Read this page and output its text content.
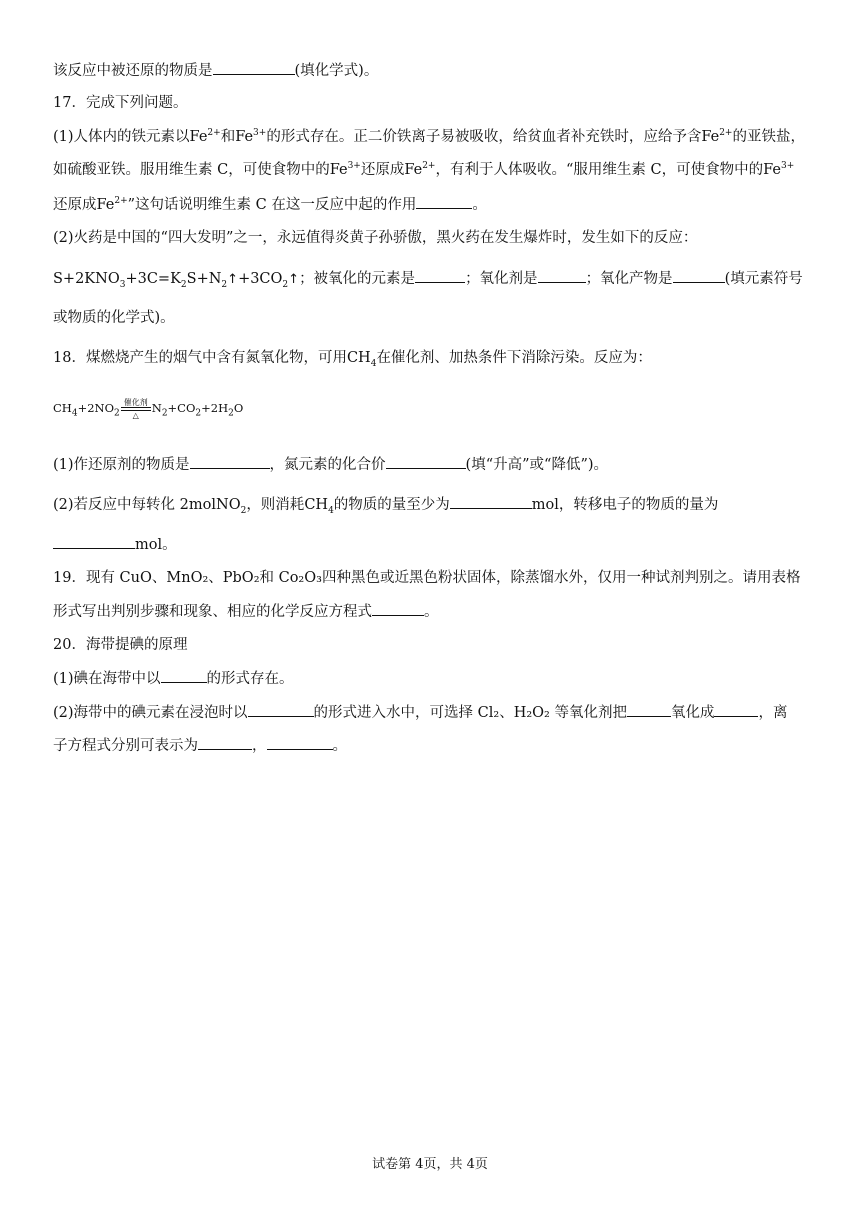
该反应中被还原的物质是	(填化学式)。
17．完成下列问题。
(1)人体内的铁元素以$Fe^{2+}$和$Fe^{3+}$的形式存在。正二价铁离子易被吸收，给贫血者补充铁时，应给予含$Fe^{2+}$的亚铁盐，
如硫酸亚铁。服用维生素 C，可使食物中的$Fe^{3+}$还原成$Fe^{2+}$，有利于人体吸收。“服用维生素 C，可使食物中的$Fe^{3+}$
还原成$Fe^{2+}$”这句话说明维生素 C 在这一反应中起的作用	。
(2)火药是中国的“四大发明”之一，永远值得炎黄子孙骄傲，黑火药在发生爆炸时，发生如下的反应：
$S+2KNO_3+3C=K_2S+N_2↑+3CO_2↑$；被氧化的元素是	；氧化剂是	；氧化产物是	(填元素符号
或物质的化学式)。
18．煤燃烧产生的烟气中含有氮氧化物，可用$CH_4$在催化剂、加热条件下消除污染。反应为：
$CH_4+2NO_2$
催化剂
△
$N_2+CO_2+2H_2O$
(1)作还原剂的物质是	，氮元素的化合价	(填“升高”或“降低”)。
(2)若反应中每转化 2molNO$_2$，则消耗$CH_4$的物质的量至少为	mol，转移电子的物质的量为
mol。
19．现有 CuO、MnO₂、PbO₂和 Co₂O₃四种黑色或近黑色粉状固体，除蒸馏水外，仅用一种试剂判别之。请用表格
形式写出判别步骤和现象、相应的化学反应方程式	。
20．海带提碘的原理
(1)碘在海带中以	的形式存在。
(2)海带中的碘元素在浸泡时以	的形式进入水中，可选择 Cl₂、H₂O₂ 等氧化剂把	氧化成	，离
子方程式分别可表示为	，	。
试卷第 4页，共 4页
